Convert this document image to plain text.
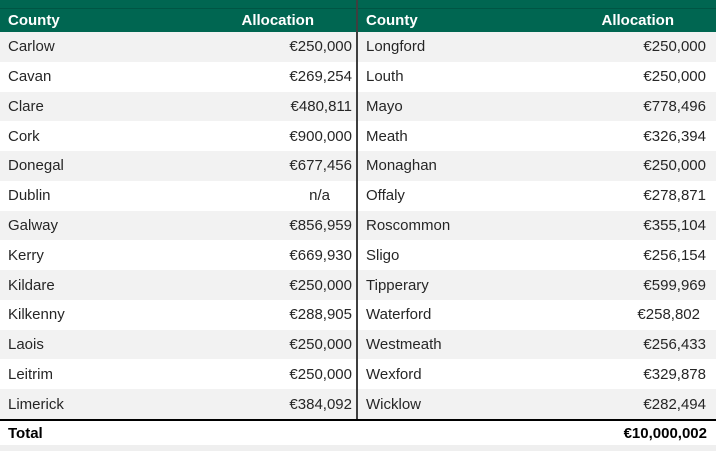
County	Allocation
Carlow	€250,000
Cavan	€269,254
Clare	€480,811
Cork	€900,000
Donegal	€677,456
Dublin	n/a
Galway	€856,959
Kerry	€669,930
Kildare	€250,000
Kilkenny	€288,905
Laois	€250,000
Leitrim	€250,000
Limerick	€384,092
County	Allocation
Longford	€250,000
Louth	€250,000
Mayo	€778,496
Meath	€326,394
Monaghan	€250,000
Offaly	€278,871
Roscommon	€355,104
Sligo	€256,154
Tipperary	€599,969
Waterford	€258,802
Westmeath	€256,433
Wexford	€329,878
Wicklow	€282,494
Total	€10,000,002
